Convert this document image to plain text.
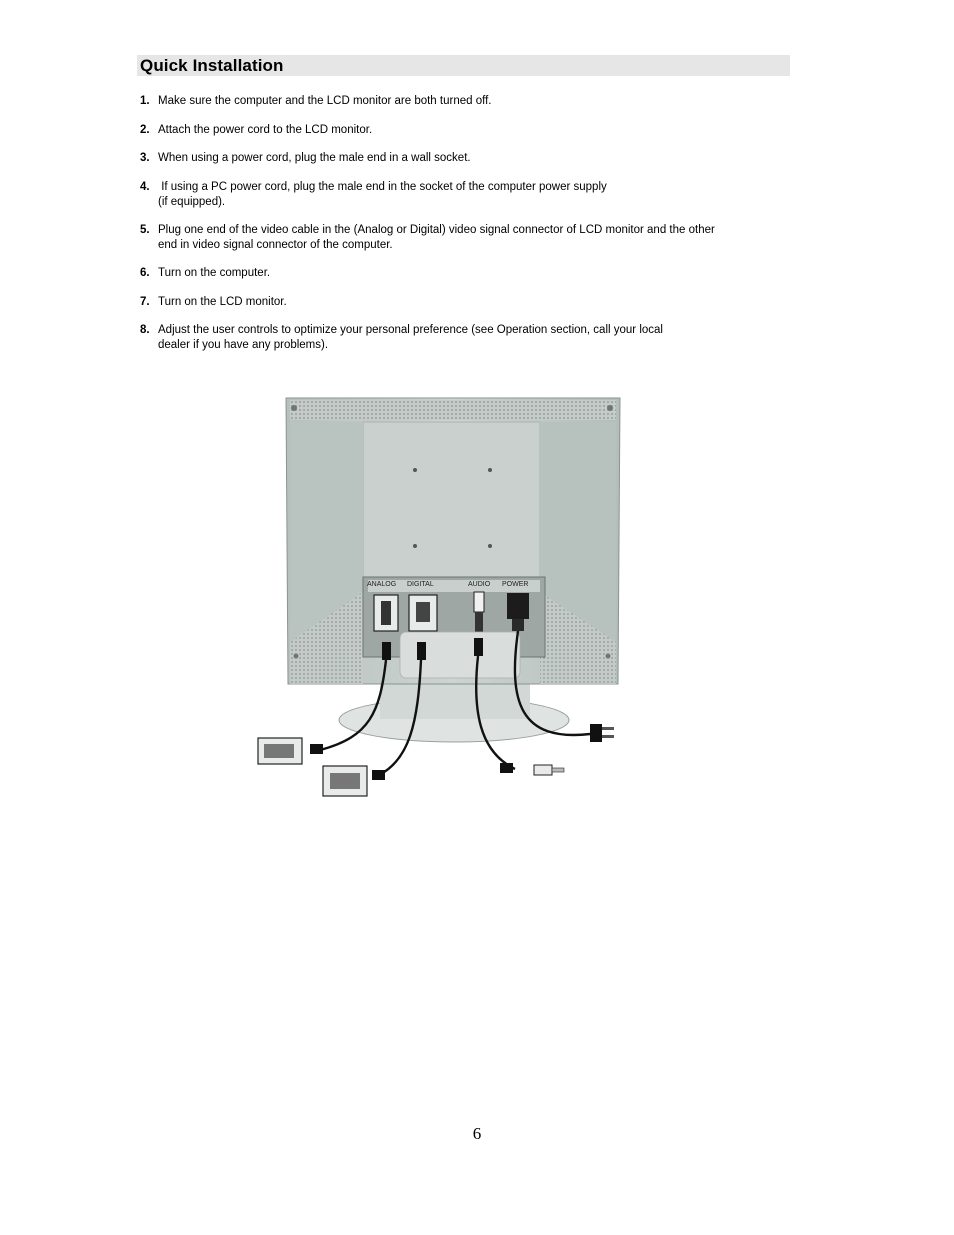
Quick Installation
1. Make sure the computer and the LCD monitor are both turned off.
2. Attach the power cord to the LCD monitor.
3. When using a power cord, plug the male end in a wall socket.
4. If using a PC power cord, plug the male end in the socket of the computer power supply
(if equipped).
5. Plug one end of the video cable in the (Analog or Digital) video signal connector of LCD monitor and the other
end in video signal connector of the computer.
6. Turn on the computer.
7. Turn on the LCD monitor.
8. Adjust the user controls to optimize your personal preference (see Operation section, call your local
dealer if you have any problems).
ANALOG DIGITAL	AUDIO POWER
6
